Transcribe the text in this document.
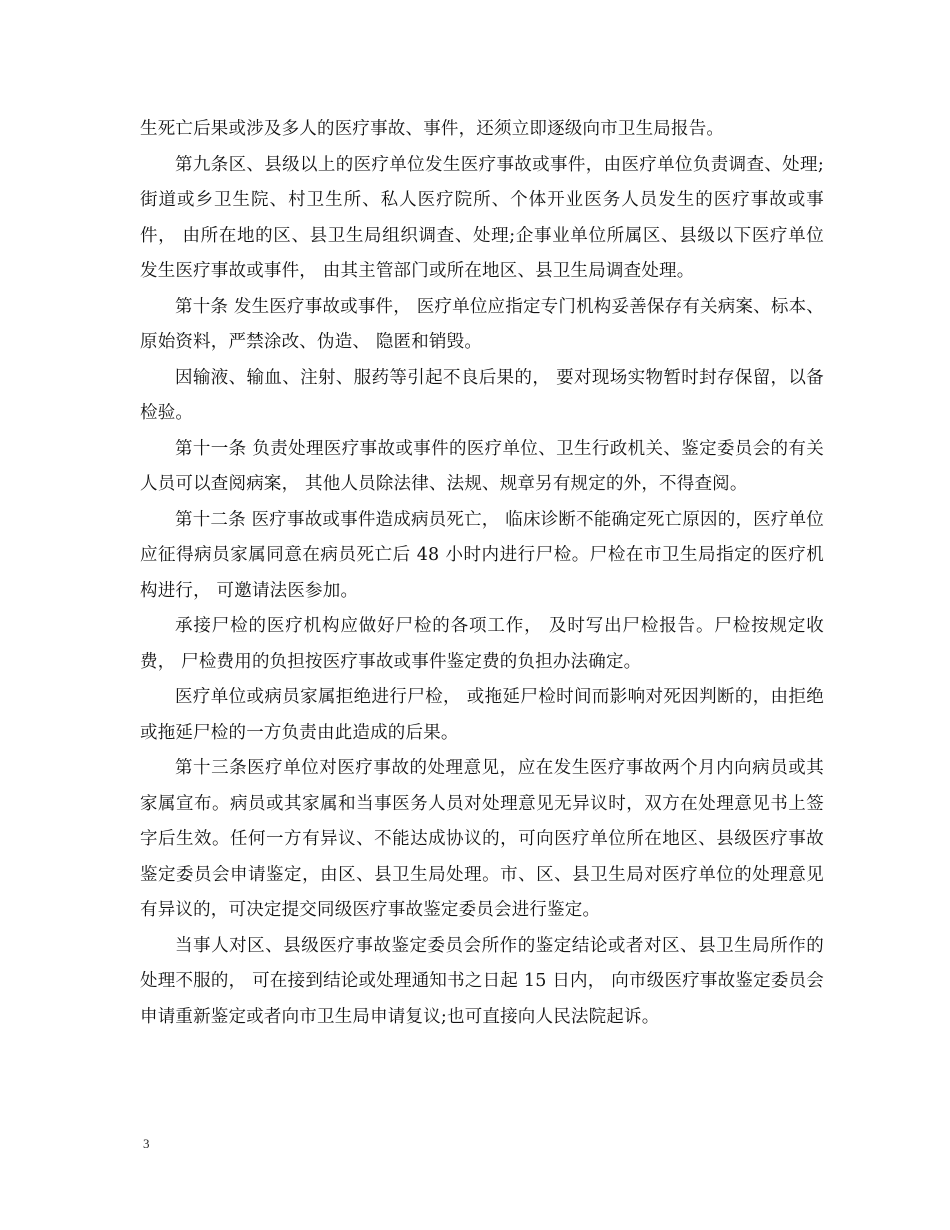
生死亡后果或涉及多人的医疗事故、事件，还须立即逐级向市卫生局报告。

第九条区、县级以上的医疗单位发生医疗事故或事件，由医疗单位负责调查、处理;街道或乡卫生院、村卫生所、私人医疗院所、个体开业医务人员发生的医疗事故或事件， 由所在地的区、县卫生局组织调查、处理;企事业单位所属区、县级以下医疗单位发生医疗事故或事件， 由其主管部门或所在地区、县卫生局调查处理。

第十条 发生医疗事故或事件， 医疗单位应指定专门机构妥善保存有关病案、标本、原始资料，严禁涂改、伪造、 隐匿和销毁。

因输液、输血、注射、服药等引起不良后果的， 要对现场实物暂时封存保留，以备检验。

第十一条 负责处理医疗事故或事件的医疗单位、卫生行政机关、鉴定委员会的有关人员可以查阅病案， 其他人员除法律、法规、规章另有规定的外，不得查阅。

第十二条 医疗事故或事件造成病员死亡， 临床诊断不能确定死亡原因的，医疗单位应征得病员家属同意在病员死亡后 48 小时内进行尸检。尸检在市卫生局指定的医疗机构进行， 可邀请法医参加。

承接尸检的医疗机构应做好尸检的各项工作， 及时写出尸检报告。尸检按规定收费， 尸检费用的负担按医疗事故或事件鉴定费的负担办法确定。

医疗单位或病员家属拒绝进行尸检， 或拖延尸检时间而影响对死因判断的，由拒绝或拖延尸检的一方负责由此造成的后果。

第十三条医疗单位对医疗事故的处理意见，应在发生医疗事故两个月内向病员或其家属宣布。病员或其家属和当事医务人员对处理意见无异议时，双方在处理意见书上签字后生效。任何一方有异议、不能达成协议的，可向医疗单位所在地区、县级医疗事故鉴定委员会申请鉴定，由区、县卫生局处理。市、区、县卫生局对医疗单位的处理意见有异议的，可决定提交同级医疗事故鉴定委员会进行鉴定。

当事人对区、县级医疗事故鉴定委员会所作的鉴定结论或者对区、县卫生局所作的处理不服的， 可在接到结论或处理通知书之日起 15 日内， 向市级医疗事故鉴定委员会申请重新鉴定或者向市卫生局申请复议;也可直接向人民法院起诉。

3
